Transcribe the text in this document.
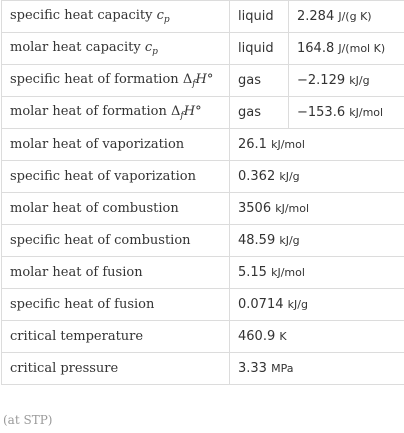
specific heat capacity $c_p$	liquid	2.284 J/(g K)
molar heat capacity $c_p$	liquid	164.8 J/(mol K)
specific heat of formation $\Delta_fH^\circ$	gas	−2.129 kJ/g
molar heat of formation $\Delta_fH^\circ$	gas	−153.6 kJ/mol
molar heat of vaporization	26.1 kJ/mol	
specific heat of vaporization	0.362 kJ/g	
molar heat of combustion	3506 kJ/mol	
specific heat of combustion	48.59 kJ/g	
molar heat of fusion	5.15 kJ/mol	
specific heat of fusion	0.0714 kJ/g	
critical temperature	460.9 K	
critical pressure	3.33 MPa	
(at STP)
